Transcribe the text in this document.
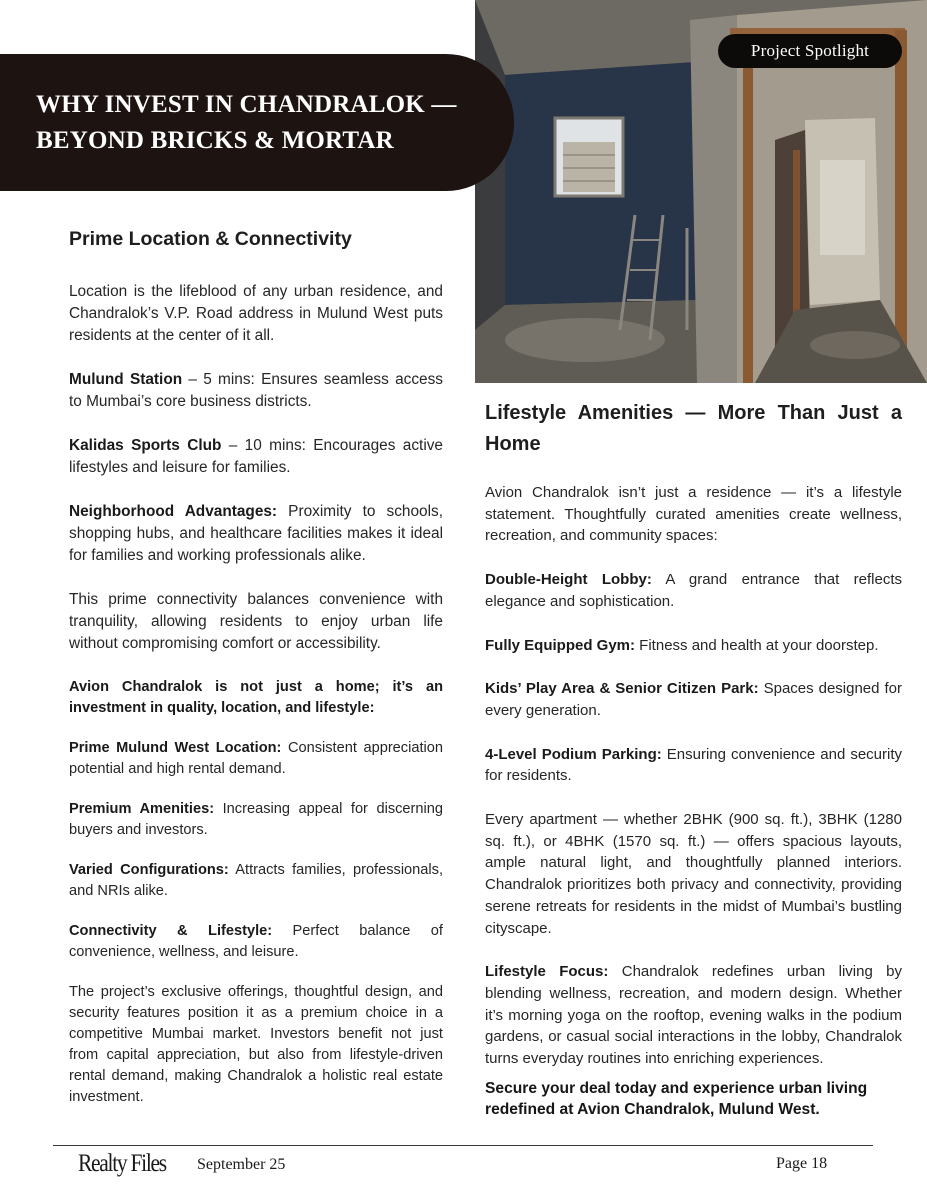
Project Spotlight
WHY INVEST IN CHANDRALOK — BEYOND BRICKS & MORTAR
Prime Location & Connectivity

Location is the lifeblood of any urban residence, and Chandralok’s V.P. Road address in Mulund West puts residents at the center of it all.

Mulund Station – 5 mins: Ensures seamless access to Mumbai’s core business districts.

Kalidas Sports Club – 10 mins: Encourages active lifestyles and leisure for families.

Neighborhood Advantages: Proximity to schools, shopping hubs, and healthcare facilities makes it ideal for families and working professionals alike.

This prime connectivity balances convenience with tranquility, allowing residents to enjoy urban life without compromising comfort or accessibility.

Avion Chandralok is not just a home; it’s an investment in quality, location, and lifestyle:

Prime Mulund West Location: Consistent appreciation potential and high rental demand.

Premium Amenities: Increasing appeal for discerning buyers and investors.

Varied Configurations: Attracts families, professionals, and NRIs alike.

Connectivity & Lifestyle: Perfect balance of convenience, wellness, and leisure.

The project’s exclusive offerings, thoughtful design, and security features position it as a premium choice in a competitive Mumbai market. Investors benefit not just from capital appreciation, but also from lifestyle-driven rental demand, making Chandralok a holistic real estate investment.

Lifestyle Amenities — More Than Just a Home

Avion Chandralok isn’t just a residence — it’s a lifestyle statement. Thoughtfully curated amenities create wellness, recreation, and community spaces:

Double-Height Lobby: A grand entrance that reflects elegance and sophistication.

Fully Equipped Gym: Fitness and health at your doorstep.

Kids’ Play Area & Senior Citizen Park: Spaces designed for every generation.

4-Level Podium Parking: Ensuring convenience and security for residents.

Every apartment — whether 2BHK (900 sq. ft.), 3BHK (1280 sq. ft.), or 4BHK (1570 sq. ft.) — offers spacious layouts, ample natural light, and thoughtfully planned interiors. Chandralok prioritizes both privacy and connectivity, providing serene retreats for residents in the midst of Mumbai’s bustling cityscape.

Lifestyle Focus: Chandralok redefines urban living by blending wellness, recreation, and modern design. Whether it’s morning yoga on the rooftop, evening walks in the podium gardens, or casual social interactions in the lobby, Chandralok turns everyday routines into enriching experiences.

Secure your deal today and experience urban living redefined at Avion Chandralok, Mulund West.

Realty Files September 25	Page 18
